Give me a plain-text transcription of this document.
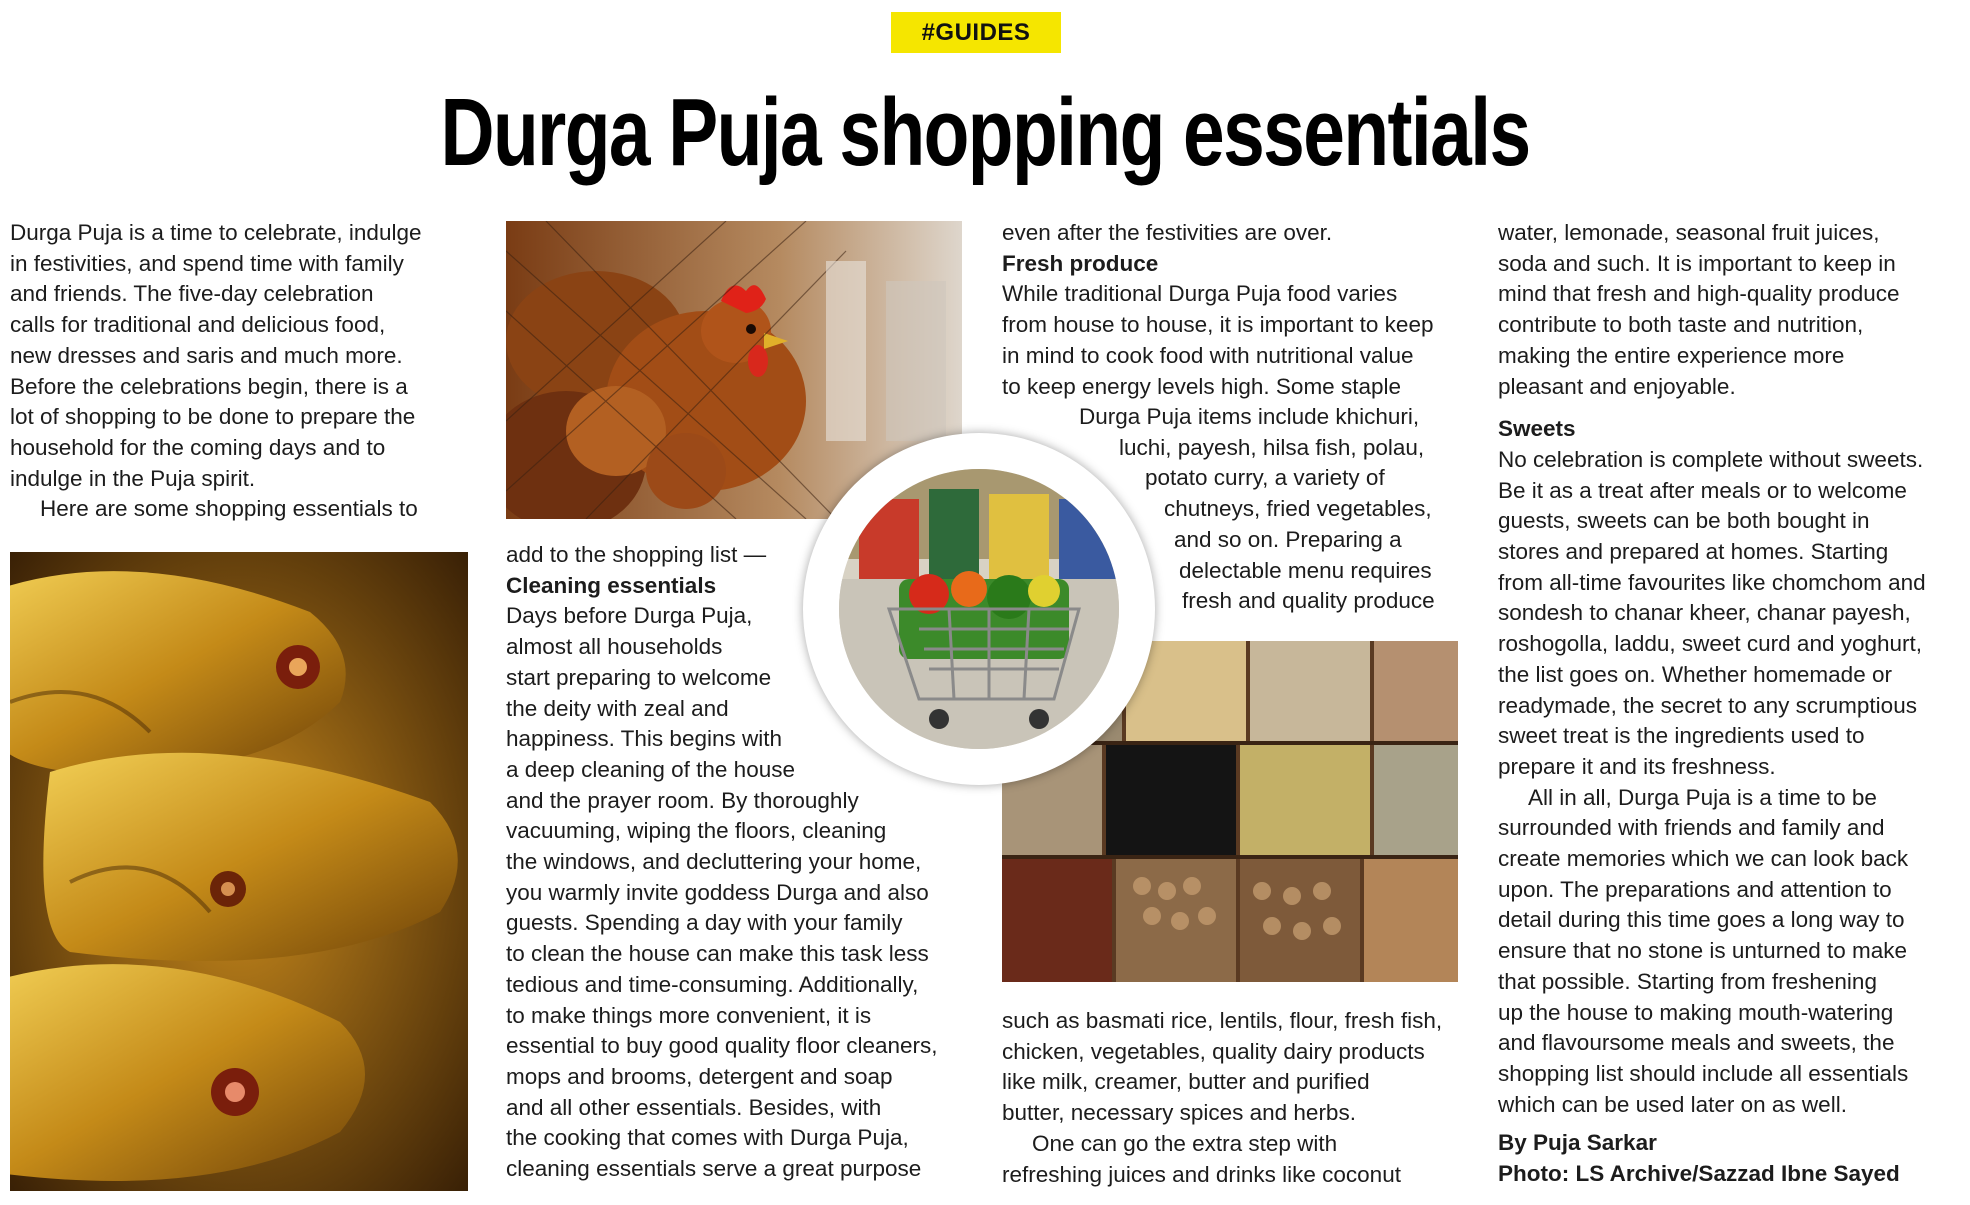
#GUIDES
Durga Puja shopping essentials
Durga Puja is a time to celebrate, indulge
in festivities, and spend time with family
and friends. The five-day celebration
calls for traditional and delicious food,
new dresses and saris and much more.
Before the celebrations begin, there is a
lot of shopping to be done to prepare the
household for the coming days and to
indulge in the Puja spirit.
Here are some shopping essentials to
add to the shopping list —
Cleaning essentials
Days before Durga Puja,
almost all households
start preparing to welcome
the deity with zeal and
happiness. This begins with
a deep cleaning of the house
and the prayer room. By thoroughly
vacuuming, wiping the floors, cleaning
the windows, and decluttering your home,
you warmly invite goddess Durga and also
guests. Spending a day with your family
to clean the house can make this task less
tedious and time-consuming. Additionally,
to make things more convenient, it is
essential to buy good quality floor cleaners,
mops and brooms, detergent and soap
and all other essentials. Besides, with
the cooking that comes with Durga Puja,
cleaning essentials serve a great purpose
even after the festivities are over.
Fresh produce
While traditional Durga Puja food varies
from house to house, it is important to keep
in mind to cook food with nutritional value
to keep energy levels high. Some staple
Durga Puja items include khichuri,
luchi, payesh, hilsa fish, polau,
potato curry, a variety of
chutneys, fried vegetables,
and so on. Preparing a
delectable menu requires
fresh and quality produce
such as basmati rice, lentils, flour, fresh fish,
chicken, vegetables, quality dairy products
like milk, creamer, butter and purified
butter, necessary spices and herbs.
One can go the extra step with
refreshing juices and drinks like coconut
water, lemonade, seasonal fruit juices,
soda and such. It is important to keep in
mind that fresh and high-quality produce
contribute to both taste and nutrition,
making the entire experience more
pleasant and enjoyable.
Sweets
No celebration is complete without sweets.
Be it as a treat after meals or to welcome
guests, sweets can be both bought in
stores and prepared at homes. Starting
from all-time favourites like chomchom and
sondesh to chanar kheer, chanar payesh,
roshogolla, laddu, sweet curd and yoghurt,
the list goes on. Whether homemade or
readymade, the secret to any scrumptious
sweet treat is the ingredients used to
prepare it and its freshness.
All in all, Durga Puja is a time to be
surrounded with friends and family and
create memories which we can look back
upon. The preparations and attention to
detail during this time goes a long way to
ensure that no stone is unturned to make
that possible. Starting from freshening
up the house to making mouth-watering
and flavoursome meals and sweets, the
shopping list should include all essentials
which can be used later on as well.
By Puja Sarkar
Photo: LS Archive/Sazzad Ibne Sayed
